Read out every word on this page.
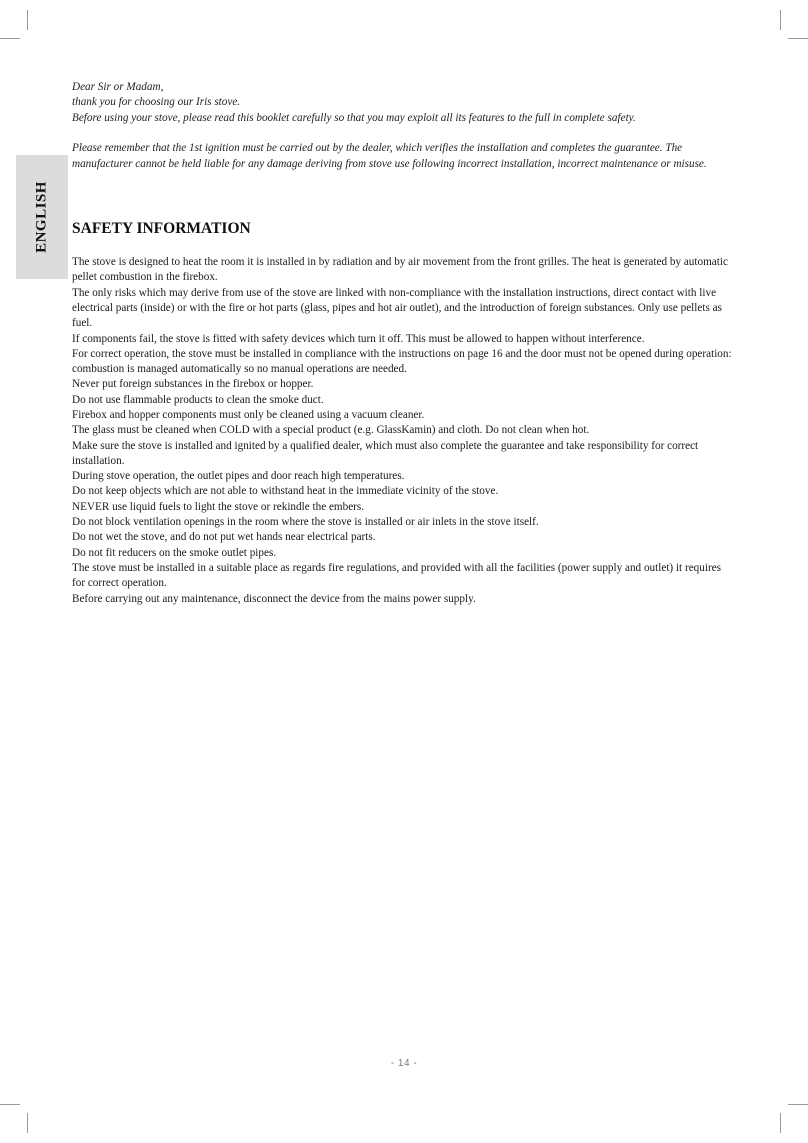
ENGLISH

Dear Sir or Madam,

thank you for choosing our Iris stove.

Before using your stove, please read this booklet carefully so that you may exploit all its features to the full in complete safety.

Please remember that the 1st ignition must be carried out by the dealer, which verifies the installation and completes the guarantee. The manufacturer cannot be held liable for any damage deriving from stove use following incorrect installation, incorrect maintenance or misuse.

SAFETY INFORMATION

The stove is designed to heat the room it is installed in by radiation and by air movement from the front grilles. The heat is generated by automatic pellet combustion in the firebox.

The only risks which may derive from use of the stove are linked with non-compliance with the installation instructions, direct contact with live electrical parts (inside) or with the fire or hot parts (glass, pipes and hot air outlet), and the introduction of foreign substances. Only use pellets as fuel.

If components fail, the stove is fitted with safety devices which turn it off. This must be allowed to happen without interference.

For correct operation, the stove must be installed in compliance with the instructions on page 16 and the door must not be opened during operation: combustion is managed automatically so no manual operations are needed.

Never put foreign substances in the firebox or hopper.

Do not use flammable products to clean the smoke duct.

Firebox and hopper components must only be cleaned using a vacuum cleaner.

The glass must be cleaned when COLD with a special product (e.g. GlassKamin) and cloth. Do not clean when hot.

Make sure the stove is installed and ignited by a qualified dealer, which must also complete the guarantee and take responsibility for correct installation.

During stove operation, the outlet pipes and door reach high temperatures.

Do not keep objects which are not able to withstand heat in the immediate vicinity of the stove.

NEVER use liquid fuels to light the stove or rekindle the embers.

Do not block ventilation openings in the room where the stove is installed or air inlets in the stove itself.

Do not wet the stove, and do not put wet hands near electrical parts.

Do not fit reducers on the smoke outlet pipes.

The stove must be installed in a suitable place as regards fire regulations, and provided with all the facilities (power supply and outlet) it requires for correct operation.

Before carrying out any maintenance, disconnect the device from the mains power supply.

- 14 -
